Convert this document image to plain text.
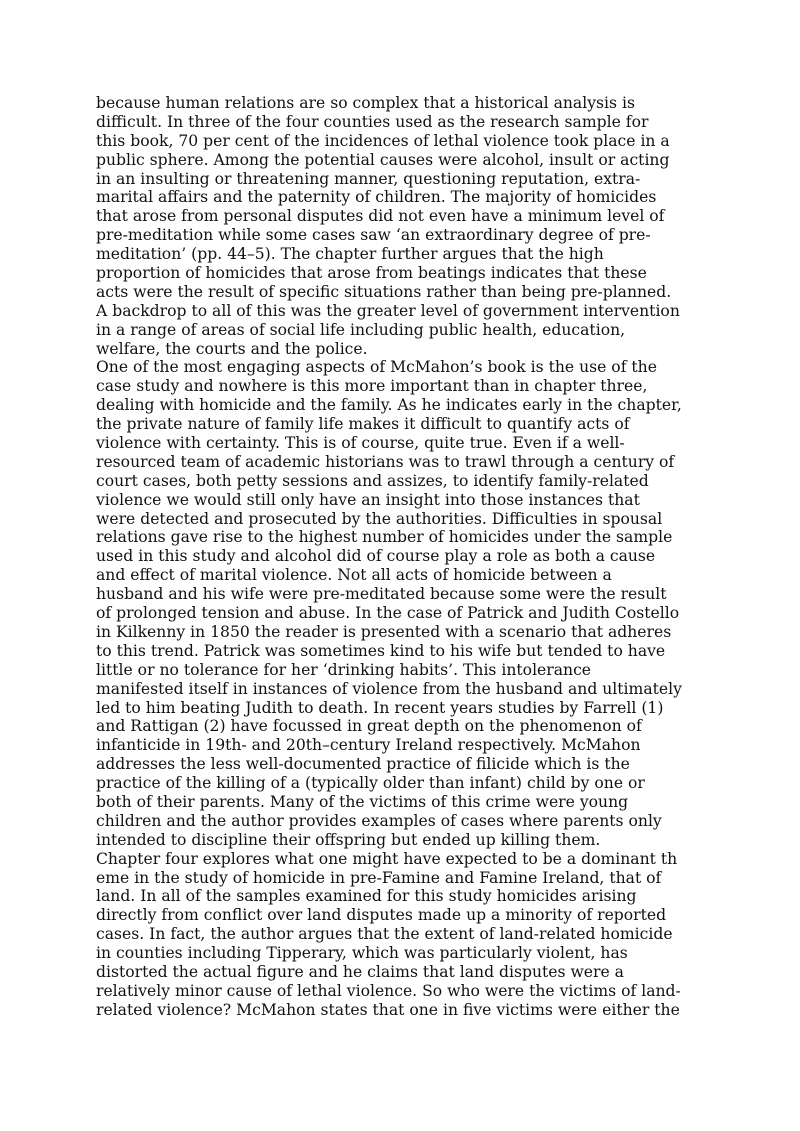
because human relations are so complex that a historical analysis is
difficult. In three of the four counties used as the research sample for
this book, 70 per cent of the incidences of lethal violence took place in a
public sphere. Among the potential causes were alcohol, insult or acting
in an insulting or threatening manner, questioning reputation, extra-
marital affairs and the paternity of children. The majority of homicides
that arose from personal disputes did not even have a minimum level of
pre-meditation while some cases saw ‘an extraordinary degree of pre-
meditation’ (pp. 44–5). The chapter further argues that the high
proportion of homicides that arose from beatings indicates that these
acts were the result of specific situations rather than being pre-planned.
A backdrop to all of this was the greater level of government intervention
in a range of areas of social life including public health, education,
welfare, the courts and the police.
One of the most engaging aspects of McMahon’s book is the use of the
case study and nowhere is this more important than in chapter three,
dealing with homicide and the family. As he indicates early in the chapter,
the private nature of family life makes it difficult to quantify acts of
violence with certainty. This is of course, quite true. Even if a well-
resourced team of academic historians was to trawl through a century of
court cases, both petty sessions and assizes, to identify family-related
violence we would still only have an insight into those instances that
were detected and prosecuted by the authorities. Difficulties in spousal
relations gave rise to the highest number of homicides under the sample
used in this study and alcohol did of course play a role as both a cause
and effect of marital violence. Not all acts of homicide between a
husband and his wife were pre-meditated because some were the result
of prolonged tension and abuse. In the case of Patrick and Judith Costello
in Kilkenny in 1850 the reader is presented with a scenario that adheres
to this trend. Patrick was sometimes kind to his wife but tended to have
little or no tolerance for her ‘drinking habits’. This intolerance
manifested itself in instances of violence from the husband and ultimately
led to him beating Judith to death. In recent years studies by Farrell (1)
and Rattigan (2) have focussed in great depth on the phenomenon of
infanticide in 19th- and 20th–century Ireland respectively. McMahon
addresses the less well-documented practice of filicide which is the
practice of the killing of a (typically older than infant) child by one or
both of their parents. Many of the victims of this crime were young
children and the author provides examples of cases where parents only
intended to discipline their offspring but ended up killing them.
Chapter four explores what one might have expected to be a dominant th
eme in the study of homicide in pre-Famine and Famine Ireland, that of
land. In all of the samples examined for this study homicides arising
directly from conflict over land disputes made up a minority of reported
cases. In fact, the author argues that the extent of land-related homicide
in counties including Tipperary, which was particularly violent, has
distorted the actual figure and he claims that land disputes were a
relatively minor cause of lethal violence. So who were the victims of land-
related violence? McMahon states that one in five victims were either the
